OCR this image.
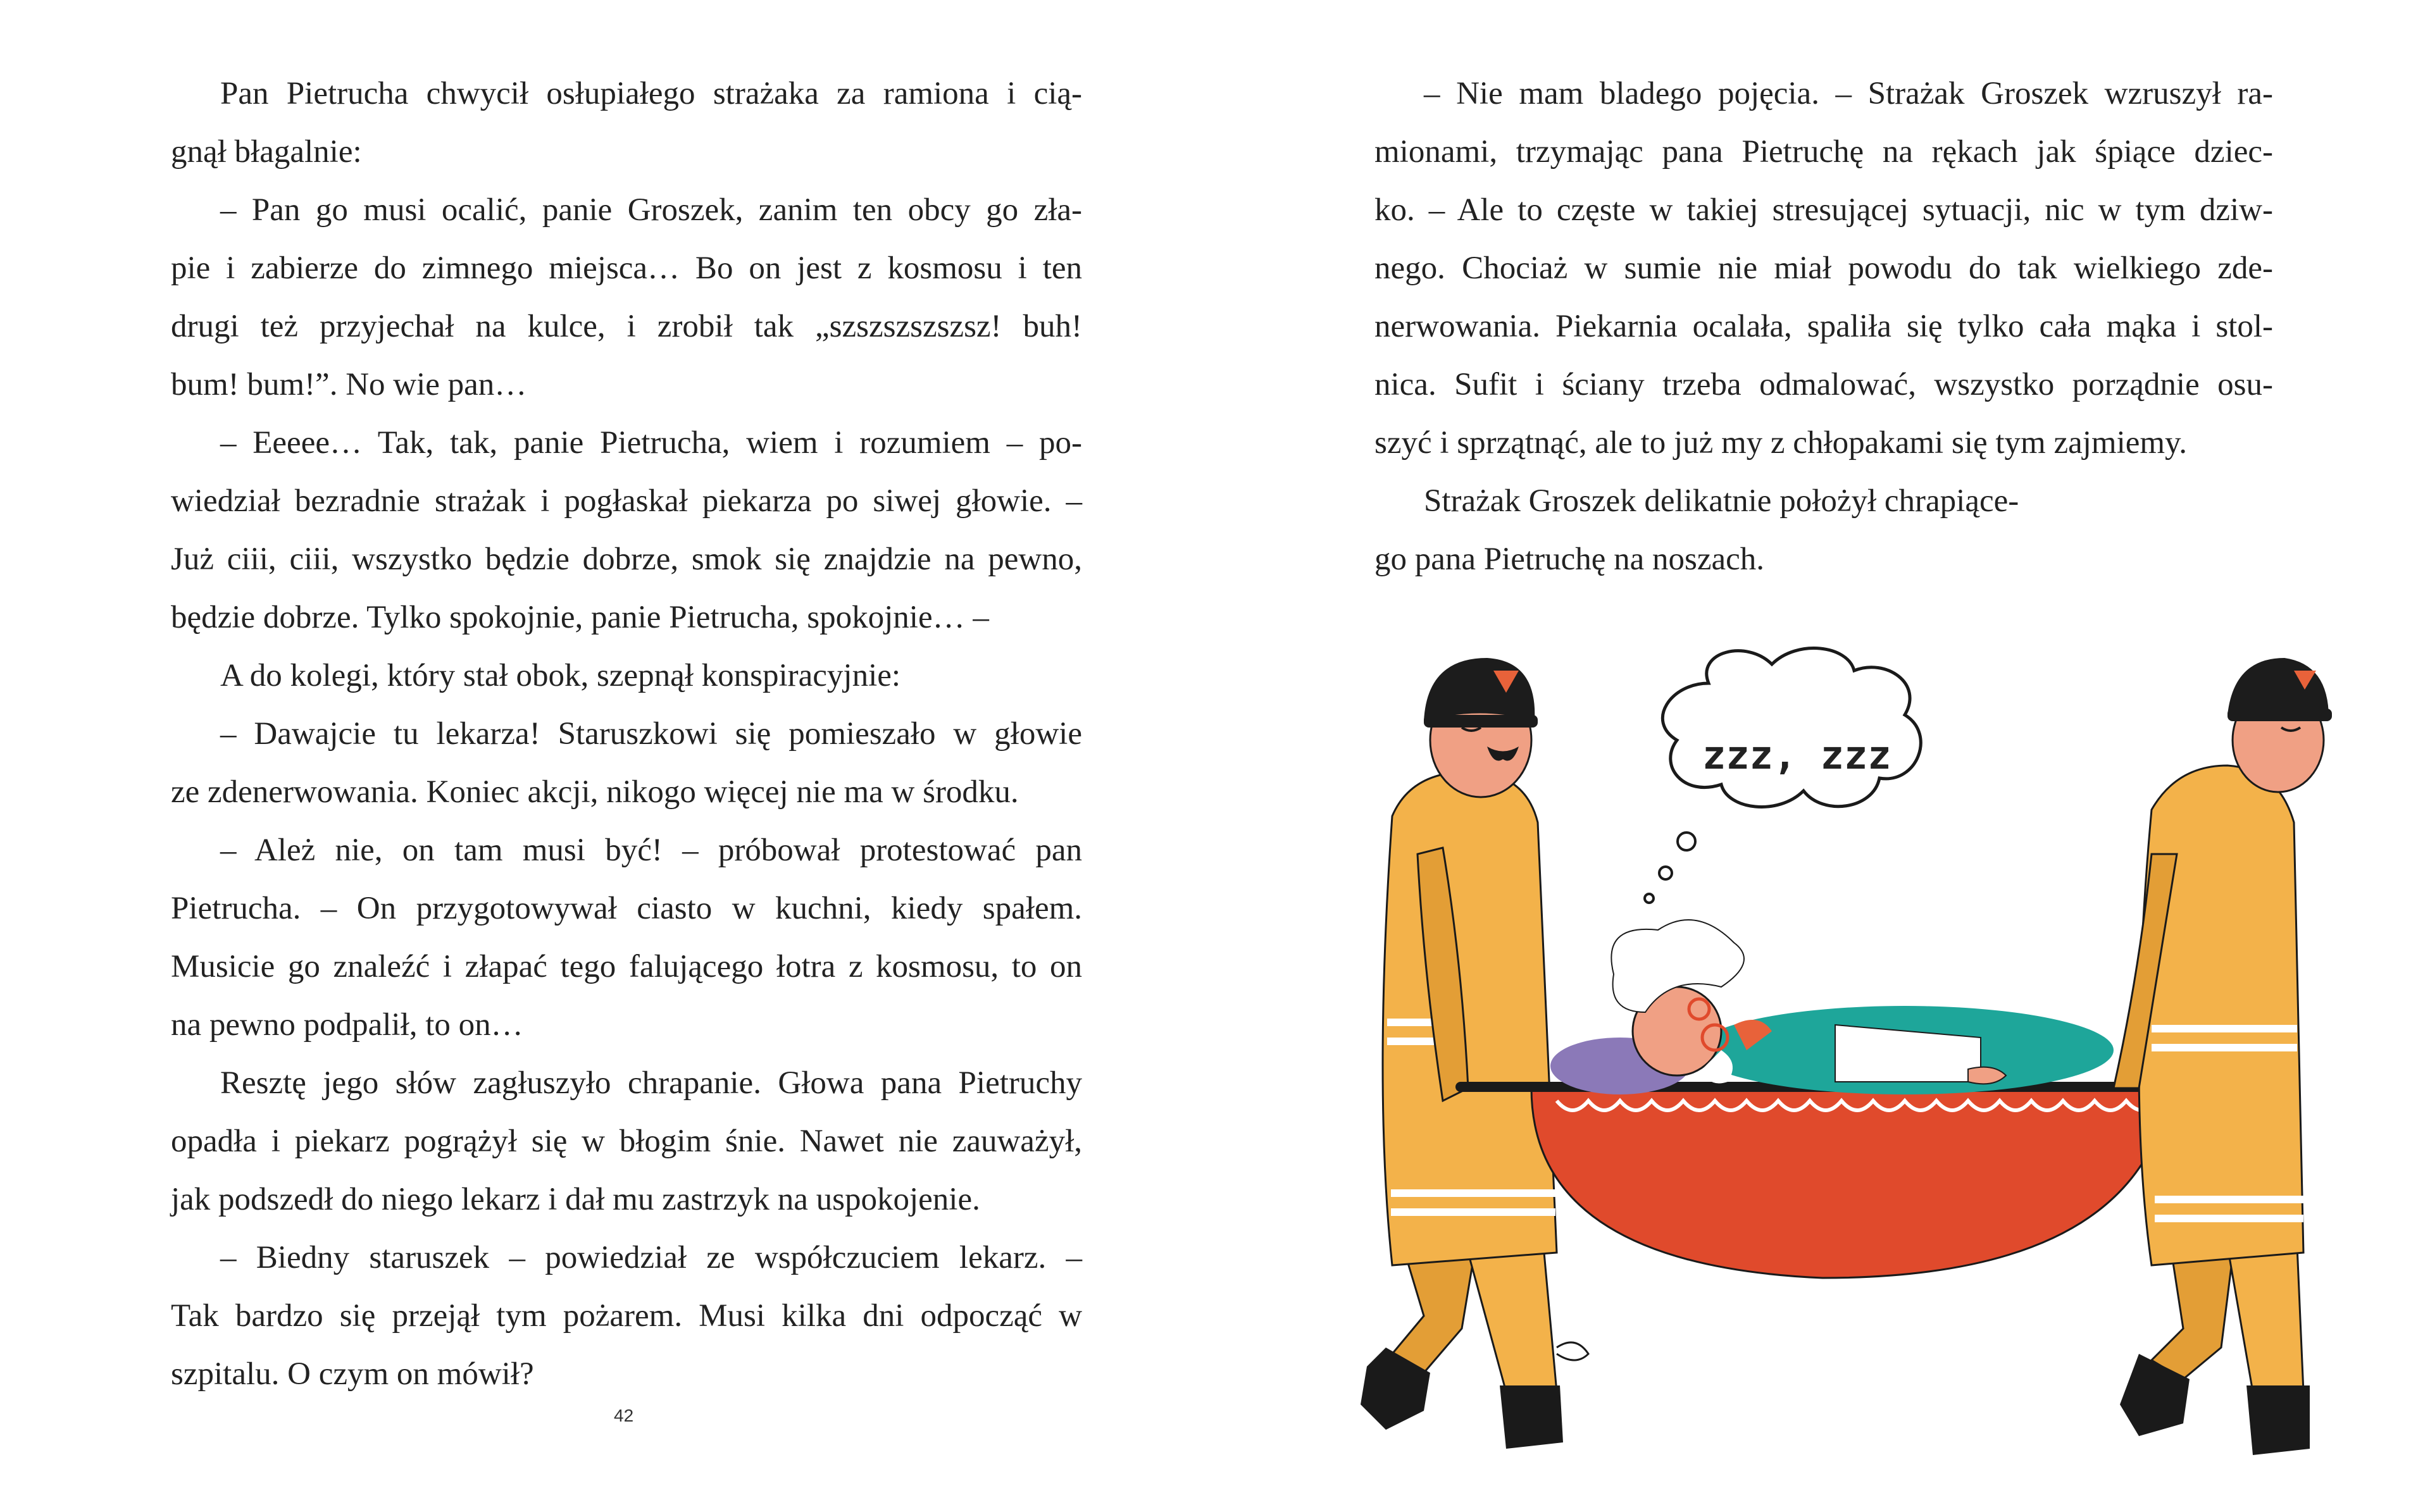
Pan Pietrucha chwycił osłupiałego strażaka za ramiona i cią-
gnął błagalnie:
– Pan go musi ocalić, panie Groszek, zanim ten obcy go zła-
pie i zabierze do zimnego miejsca… Bo on jest z kosmosu i ten
drugi też przyjechał na kulce, i zrobił tak „szszszszszsz! buh!
bum! bum!”. No wie pan…
– Eeeee… Tak, tak, panie Pietrucha, wiem i rozumiem – po-
wiedział bezradnie strażak i pogłaskał piekarza po siwej głowie. –
Już ciii, ciii, wszystko będzie dobrze, smok się znajdzie na pewno,
będzie dobrze. Tylko spokojnie, panie Pietrucha, spokojnie… –
A do kolegi, który stał obok, szepnął konspiracyjnie:
– Dawajcie tu lekarza! Staruszkowi się pomieszało w głowie
ze zdenerwowania. Koniec akcji, nikogo więcej nie ma w środku.
– Ależ nie, on tam musi być! – próbował protestować pan
Pietrucha. – On przygotowywał ciasto w kuchni, kiedy spałem.
Musicie go znaleźć i złapać tego falującego łotra z kosmosu, to on
na pewno podpalił, to on…
Resztę jego słów zagłuszyło chrapanie. Głowa pana Pietruchy
opadła i piekarz pogrążył się w błogim śnie. Nawet nie zauważył,
jak podszedł do niego lekarz i dał mu zastrzyk na uspokojenie.
– Biedny staruszek – powiedział ze współczuciem lekarz. –
Tak bardzo się przejął tym pożarem. Musi kilka dni odpocząć w
szpitalu. O czym on mówił?
42
– Nie mam bladego pojęcia. – Strażak Groszek wzruszył ra-
mionami, trzymając pana Pietruchę na rękach jak śpiące dziec-
ko. – Ale to częste w takiej stresującej sytuacji, nic w tym dziw-
nego. Chociaż w sumie nie miał powodu do tak wielkiego zde-
nerwowania. Piekarnia ocalała, spaliła się tylko cała mąka i stol-
nica. Sufit i ściany trzeba odmalować, wszystko porządnie osu-
szyć i sprzątnąć, ale to już my z chłopakami się tym zajmiemy.
Strażak Groszek delikatnie położył chrapiące-
go pana Pietruchę na noszach.
zzz, zzz
